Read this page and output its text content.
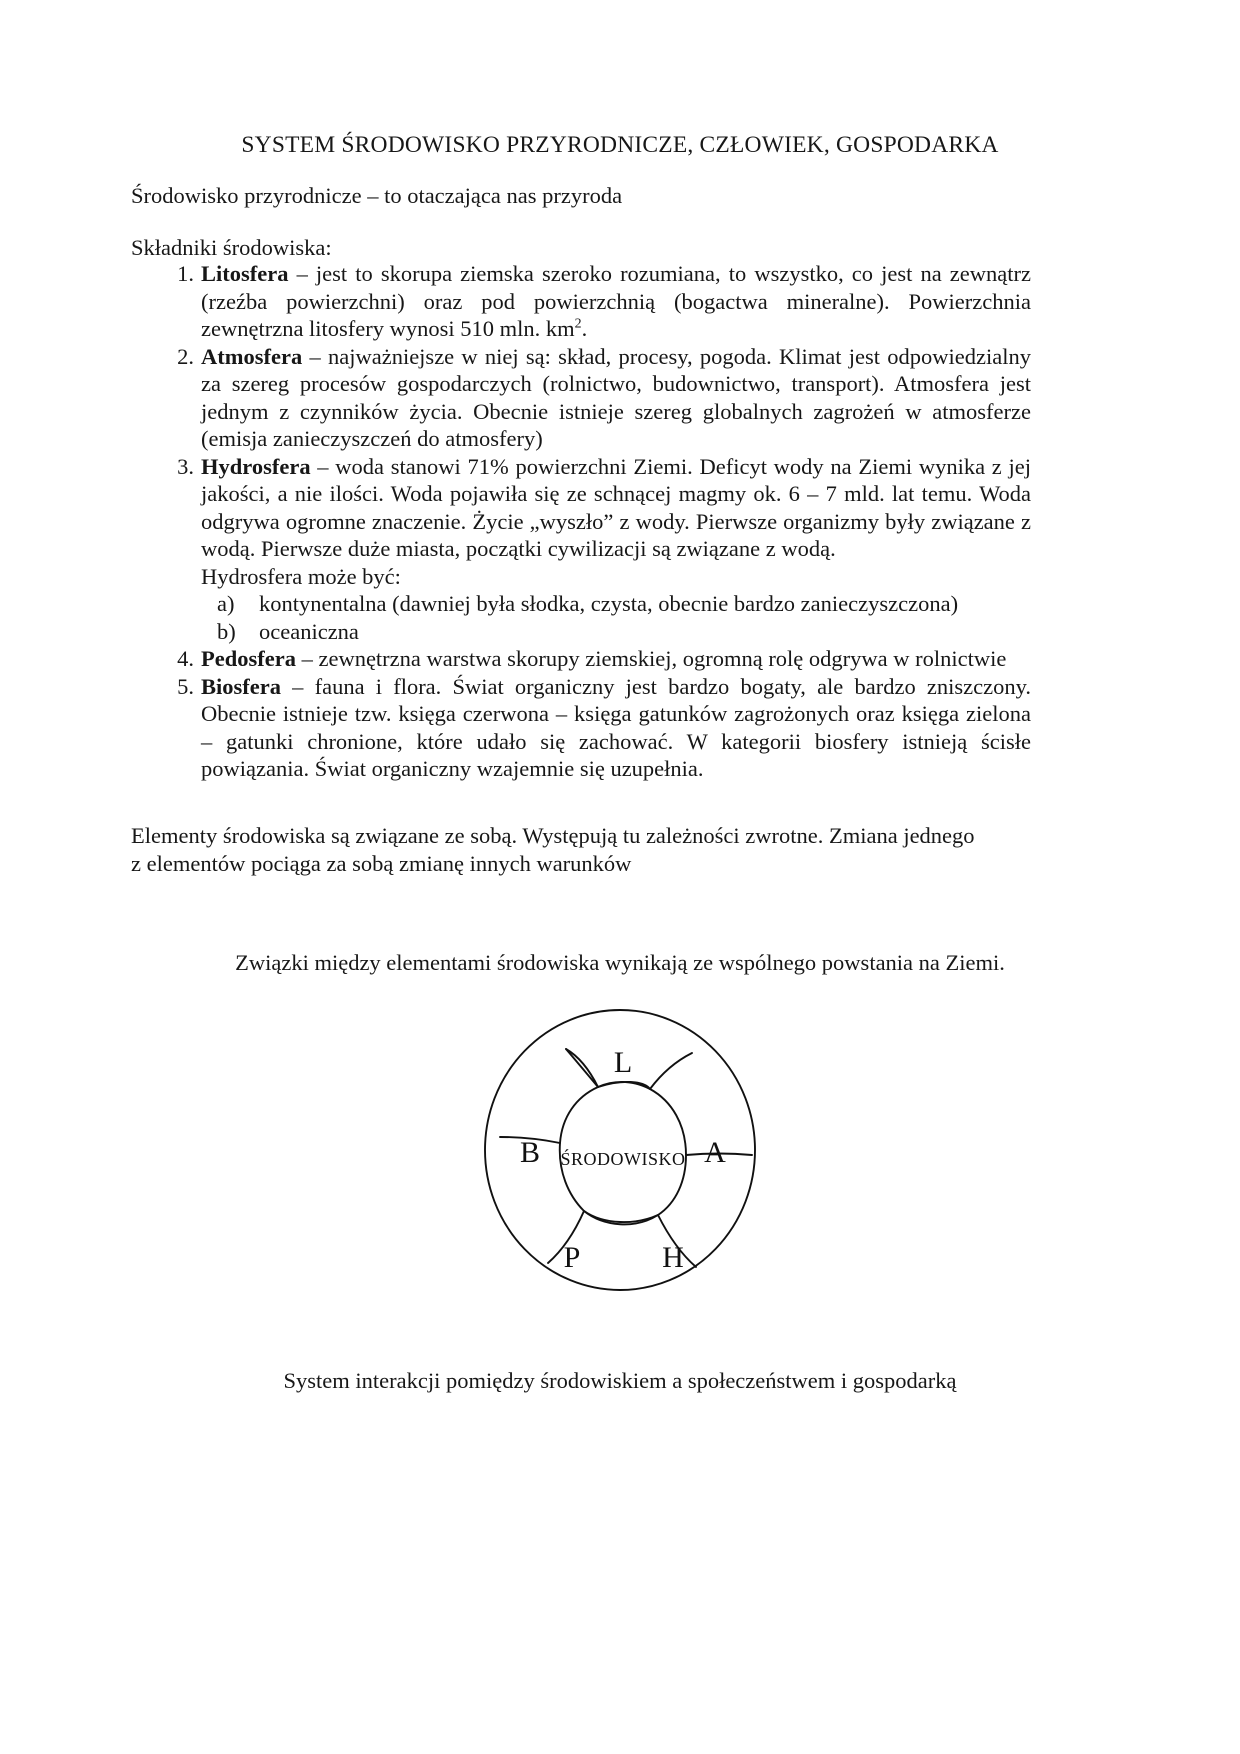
SYSTEM ŚRODOWISKO PRZYRODNICZE, CZŁOWIEK, GOSPODARKA
Środowisko przyrodnicze – to otaczająca nas przyroda
Składniki środowiska:
1. Litosfera – jest to skorupa ziemska szeroko rozumiana, to wszystko, co jest na zewnątrz (rzeźba powierzchni) oraz pod powierzchnią (bogactwa mineralne). Powierzchnia zewnętrzna litosfery wynosi 510 mln. $km^2$.
2. Atmosfera – najważniejsze w niej są: skład, procesy, pogoda. Klimat jest odpowiedzialny za szereg procesów gospodarczych (rolnictwo, budownictwo, transport). Atmosfera jest jednym z czynników życia. Obecnie istnieje szereg globalnych zagrożeń w atmosferze (emisja zanieczyszczeń do atmosfery)
3. Hydrosfera – woda stanowi 71% powierzchni Ziemi. Deficyt wody na Ziemi wynika z jej jakości, a nie ilości. Woda pojawiła się ze schnącej magmy ok. 6 – 7 mld. lat temu. Woda odgrywa ogromne znaczenie. Życie „wyszło” z wody. Pierwsze organizmy były związane z wodą. Pierwsze duże miasta, początki cywilizacji są związane z wodą.
Hydrosfera może być:
a)	kontynentalna (dawniej była słodka, czysta, obecnie bardzo zanieczyszczona)
b)	oceaniczna
4. Pedosfera – zewnętrzna warstwa skorupy ziemskiej, ogromną rolę odgrywa w rolnictwie
5. Biosfera – fauna i flora. Świat organiczny jest bardzo bogaty, ale bardzo zniszczony. Obecnie istnieje tzw. księga czerwona – księga gatunków zagrożonych oraz księga zielona – gatunki chronione, które udało się zachować. W kategorii biosfery istnieją ścisłe powiązania. Świat organiczny wzajemnie się uzupełnia.
Elementy środowiska są związane ze sobą. Występują tu zależności zwrotne. Zmiana jednego
z elementów pociąga za sobą zmianę innych warunków
Związki między elementami środowiska wynikają ze wspólnego powstania na Ziemi.
L
A
H
P
B ŚRODOWISKO
System interakcji pomiędzy środowiskiem a społeczeństwem i gospodarką
